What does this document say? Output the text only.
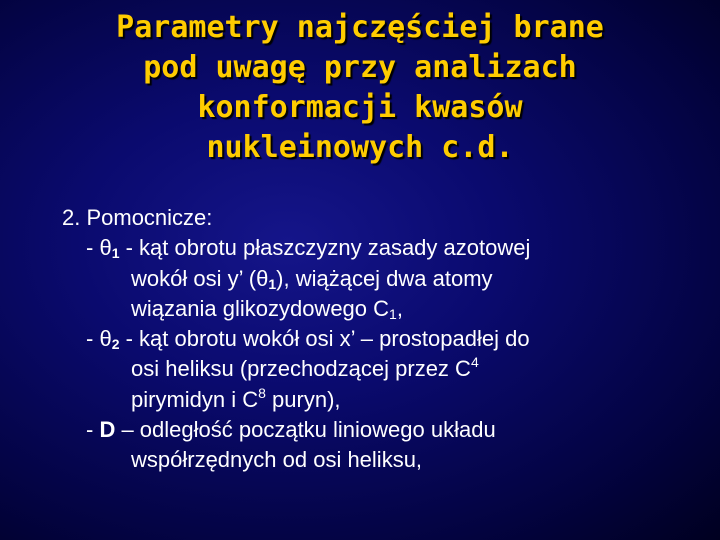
Parametry najczęściej brane
pod uwagę przy analizach
konformacji kwasów
nukleinowych c.d.
2. Pomocnicze:
- $\theta_1$ - kąt obrotu płaszczyzny zasady azotowej
wokół osi y’ $(\theta_1)$, wiążącej dwa atomy
wiązania glikozydowego $C_1$,
- $\theta_2$ - kąt obrotu wokół osi x’ – prostopadłej do
osi heliksu (przechodzącej przez $C^4$
pirymidyn i $C^8$ puryn),
- D – odległość początku liniowego układu
współrzędnych od osi heliksu,
